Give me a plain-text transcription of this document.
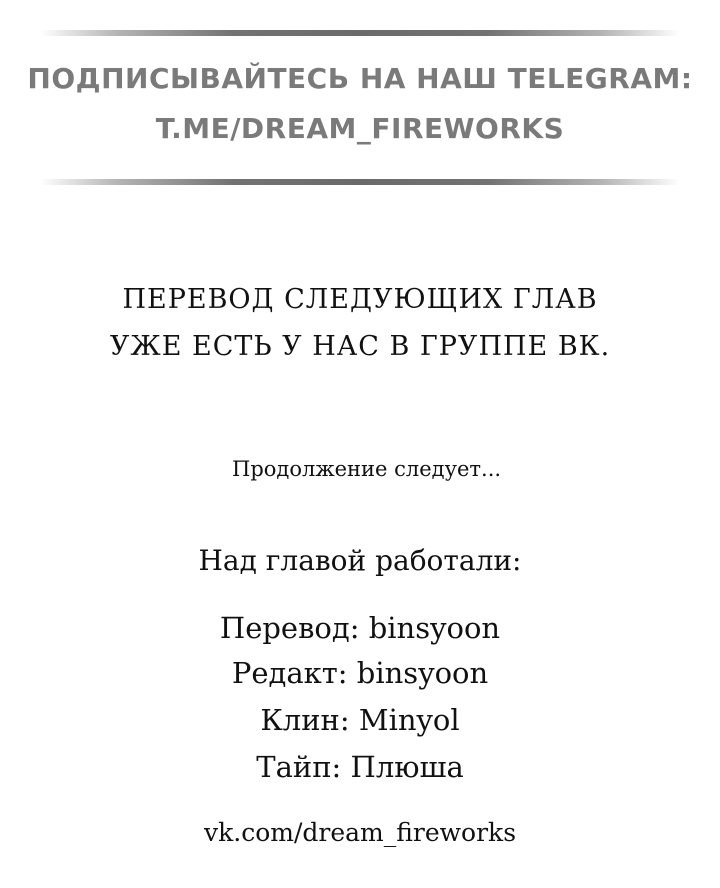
ПОДПИСЫВАЙТЕСЬ НА НАШ TELEGRAM:
T.ME/DREAM_FIREWORKS
ПЕРЕВОД СЛЕДУЮЩИХ ГЛАВ
УЖЕ ЕСТЬ У НАС В ГРУППЕ ВК.
Продолжение следует...
Над главой работали:
Перевод: binsyoon
Редакт: binsyoon
Клин: Minyol
Тайп: Плюша
vk.com/dream_fireworks
